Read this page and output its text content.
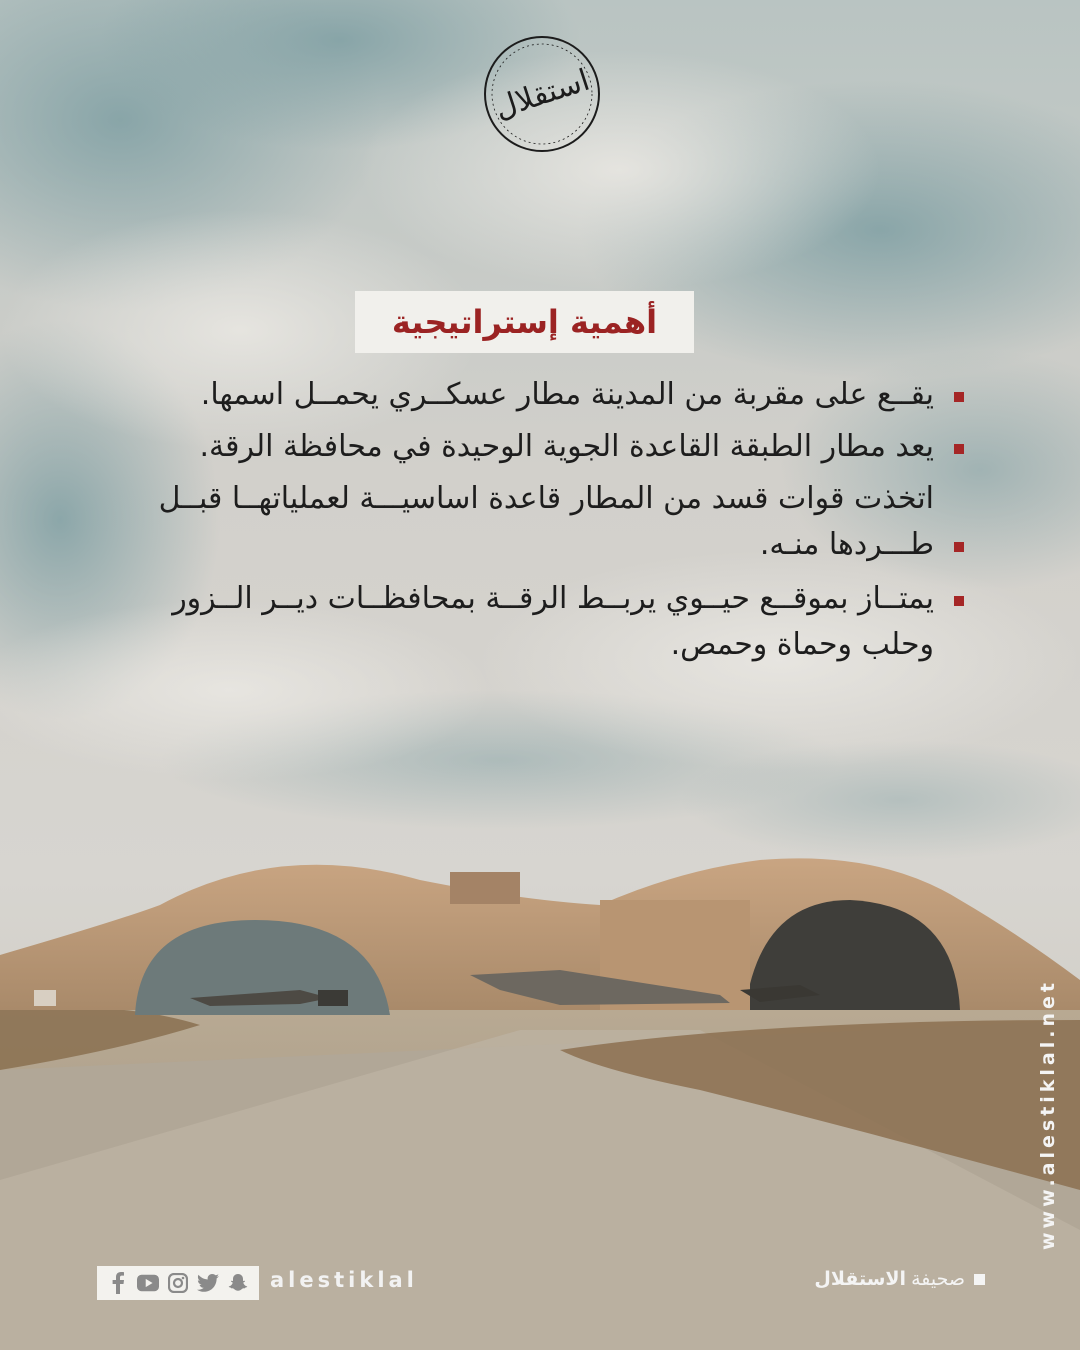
استقلال
أهمية إستراتيجية
يقــع على مقربة من المدينة مطار عسكــري يحمــل اسمها.
يعد مطار الطبقة القاعدة الجوية الوحيدة في محافظة الرقة.
اتخذت قوات قسد من المطار قاعدة اساسيـــة لعملياتهــا قبــل طـــردها منـه.
يمتــاز بموقــع حيــوي يربــط الرقــة بمحافظــات ديــر الــزور وحلب وحماة وحمص.
alestiklal	صحيفة
الاستقلال
www.alestiklal.net
